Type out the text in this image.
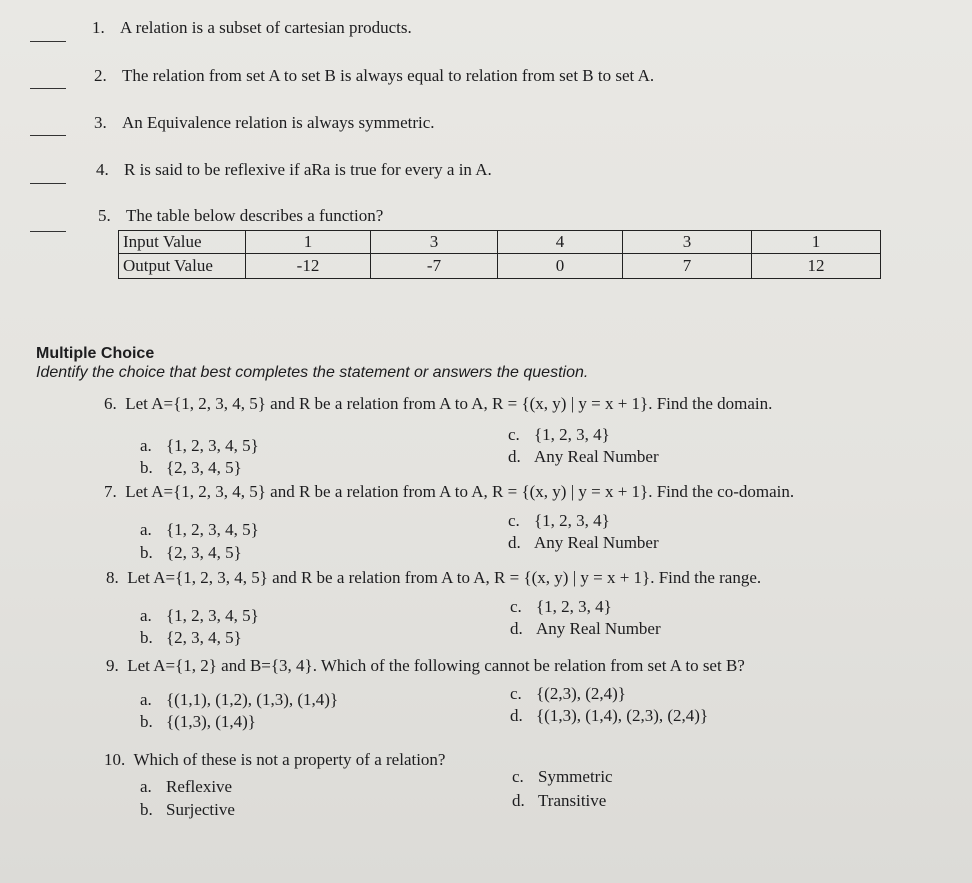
1. A relation is a subset of cartesian products.
2. The relation from set A to set B is always equal to relation from set B to set A.
3. An Equivalence relation is always symmetric.
4. R is said to be reflexive if aRa is true for every a in A.
5. The table below describes a function?
Input Value	1	3	4	3	1
Output Value	-12	-7	0	7	12
Multiple Choice
Identify the choice that best completes the statement or answers the question.
6. Let A={1, 2, 3, 4, 5} and R be a relation from A to A, R = {(x, y) | y = x + 1}. Find the domain.
a. {1, 2, 3, 4, 5}
b. {2, 3, 4, 5}
c. {1, 2, 3, 4}
d. Any Real Number
7. Let A={1, 2, 3, 4, 5} and R be a relation from A to A, R = {(x, y) | y = x + 1}. Find the co-domain.
a. {1, 2, 3, 4, 5}
b. {2, 3, 4, 5}
c. {1, 2, 3, 4}
d. Any Real Number
8. Let A={1, 2, 3, 4, 5} and R be a relation from A to A, R = {(x, y) | y = x + 1}. Find the range.
a. {1, 2, 3, 4, 5}
b. {2, 3, 4, 5}
c. {1, 2, 3, 4}
d. Any Real Number
9. Let A={1, 2} and B={3, 4}. Which of the following cannot be relation from set A to set B?
a. {(1,1), (1,2), (1,3), (1,4)}
b. {(1,3), (1,4)}
c. {(2,3), (2,4)}
d. {(1,3), (1,4), (2,3), (2,4)}
10. Which of these is not a property of a relation?
a. Reflexive
b. Surjective
c. Symmetric
d. Transitive
